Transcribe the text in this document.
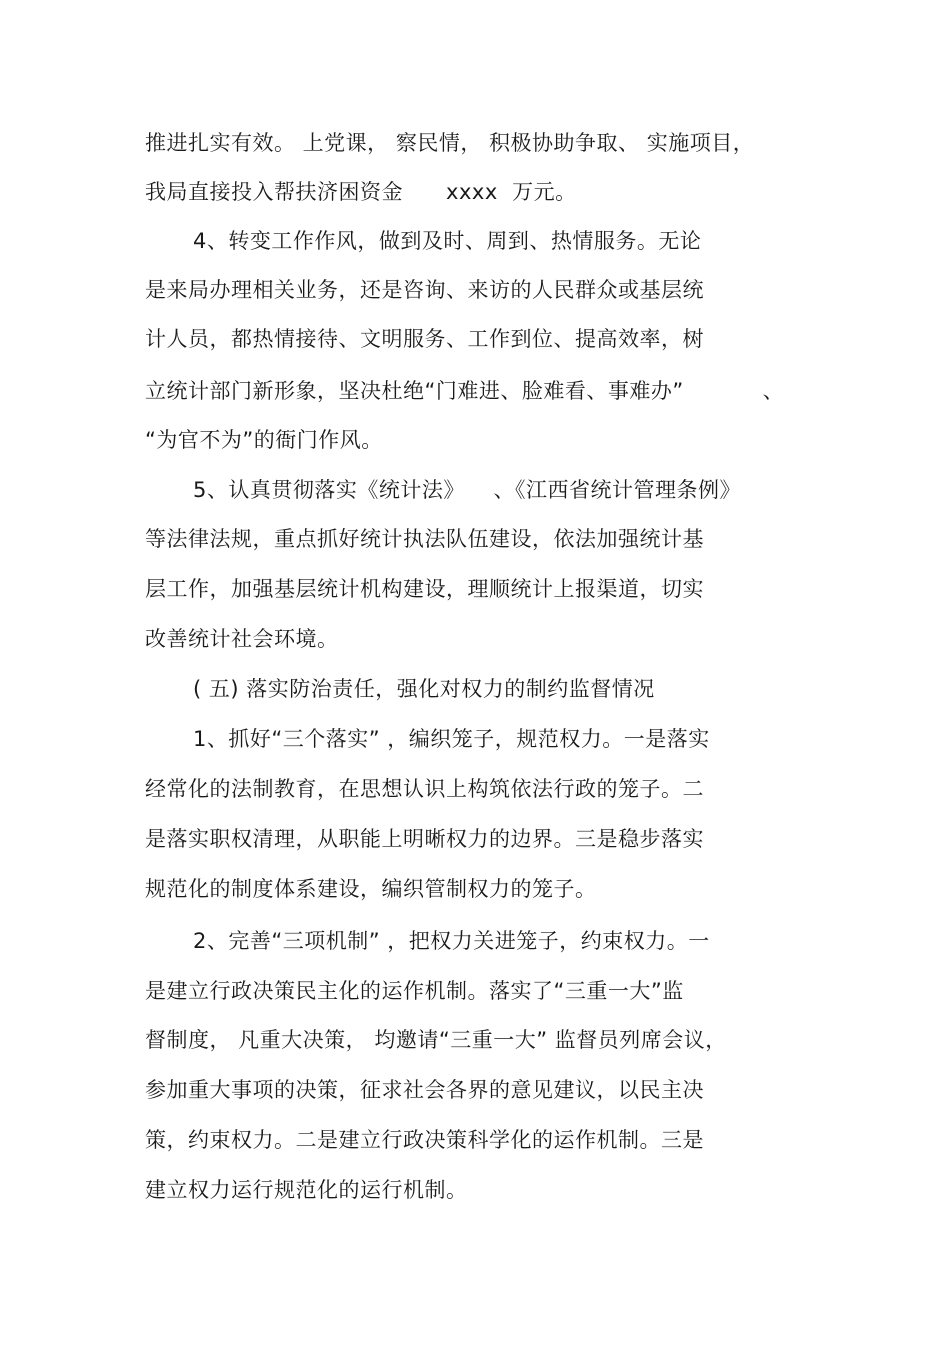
推进扎实有效。 上党课， 察民情， 积极协助争取、 实施项目，
我局直接投入帮扶济困资金      xxxx  万元。
4、转变工作作风，做到及时、周到、热情服务。无论
是来局办理相关业务，还是咨询、来访的人民群众或基层统
计人员，都热情接待、文明服务、工作到位、提高效率，树
立统计部门新形象，坚决杜绝“门难进、脸难看、事难办”           、
“为官不为”的衙门作风。
5、认真贯彻落实《统计法》    、《江西省统计管理条例》
等法律法规，重点抓好统计执法队伍建设，依法加强统计基
层工作，加强基层统计机构建设，理顺统计上报渠道，切实
改善统计社会环境。
( 五) 落实防治责任，强化对权力的制约监督情况
1、抓好“三个落实” ，编织笼子，规范权力。一是落实
经常化的法制教育，在思想认识上构筑依法行政的笼子。二
是落实职权清理，从职能上明晰权力的边界。三是稳步落实
规范化的制度体系建设，编织管制权力的笼子。
2、完善“三项机制” ，把权力关进笼子，约束权力。一
是建立行政决策民主化的运作机制。落实了“三重一大”监
督制度， 凡重大决策， 均邀请“三重一大” 监督员列席会议，
参加重大事项的决策，征求社会各界的意见建议，以民主决
策，约束权力。二是建立行政决策科学化的运作机制。三是
建立权力运行规范化的运行机制。
